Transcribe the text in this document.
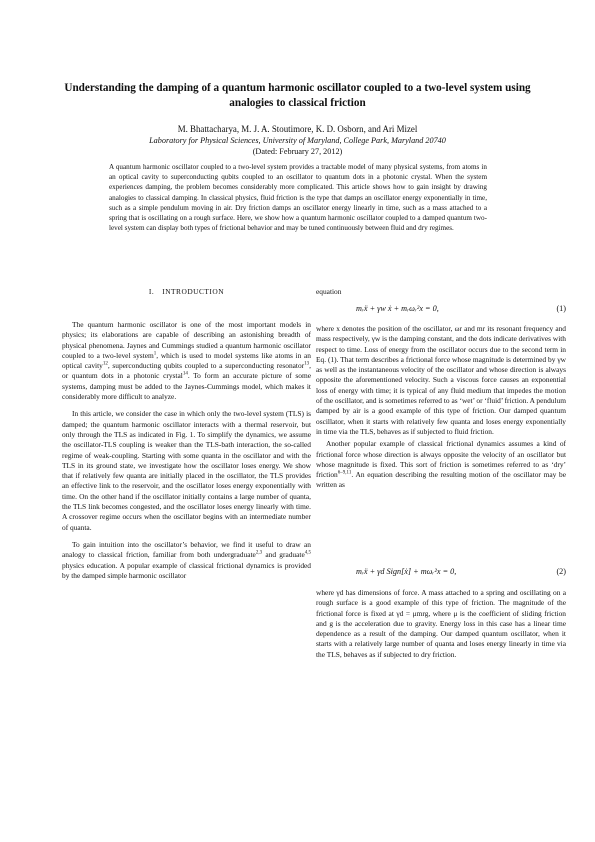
Understanding the damping of a quantum harmonic oscillator coupled to a two-level system using analogies to classical friction
M. Bhattacharya, M. J. A. Stoutimore, K. D. Osborn, and Ari Mizel
Laboratory for Physical Sciences, University of Maryland, College Park, Maryland 20740
(Dated: February 27, 2012)
A quantum harmonic oscillator coupled to a two-level system provides a tractable model of many physical systems, from atoms in an optical cavity to superconducting qubits coupled to an oscillator to quantum dots in a photonic crystal. When the system experiences damping, the problem becomes considerably more complicated. This article shows how to gain insight by drawing analogies to classical damping. In classical physics, fluid friction is the type that damps an oscillator energy exponentially in time, such as a simple pendulum moving in air. Dry friction damps an oscillator energy linearly in time, such as a mass attached to a spring that is oscillating on a rough surface. Here, we show how a quantum harmonic oscillator coupled to a damped quantum two-level system can display both types of frictional behavior and may be tuned continuously between fluid and dry regimes.
I. INTRODUCTION

The quantum harmonic oscillator is one of the most important models in physics; its elaborations are capable of describing an astonishing breadth of physical phenomena. Jaynes and Cummings studied a quantum harmonic oscillator coupled to a two-level system$^1$, which is used to model systems like atoms in an optical cavity$^{12}$, superconducting qubits coupled to a superconducting resonator$^{13}$, or quantum dots in a photonic crystal$^{14}$. To form an accurate picture of some systems, damping must be added to the Jaynes-Cummings model, which makes it considerably more difficult to analyze.

In this article, we consider the case in which only the two-level system (TLS) is damped; the quantum harmonic oscillator interacts with a thermal reservoir, but only through the TLS as indicated in Fig. 1. To simplify the dynamics, we assume the oscillator-TLS coupling is weaker than the TLS-bath interaction, the so-called regime of weak-coupling. Starting with some quanta in the oscillator and with the TLS in its ground state, we investigate how the oscillator loses energy. We show that if relatively few quanta are initially placed in the oscillator, the TLS provides an effective link to the reservoir, and the oscillator loses energy exponentially with time. On the other hand if the oscillator initially contains a large number of quanta, the TLS link becomes congested, and the oscillator loses energy linearly with time. A crossover regime occurs when the oscillator begins with an intermediate number of quanta.

To gain intuition into the oscillator’s behavior, we find it useful to draw an analogy to classical friction, familiar from both undergraduate$^{2,3}$ and graduate$^{4,5}$ physics education. A popular example of classical frictional dynamics is provided by the damped simple harmonic oscillator

equation

mᵣẍ + γw ẋ + mᵣωᵣ²x = 0,	(1)

where x denotes the position of the oscillator, ωr and mr its resonant frequency and mass respectively, γw is the damping constant, and the dots indicate derivatives with respect to time. Loss of energy from the oscillator occurs due to the second term in Eq. (1). That term describes a frictional force whose magnitude is determined by γw as well as the instantaneous velocity of the oscillator and whose direction is always opposite the aforementioned velocity. Such a viscous force causes an exponential loss of energy with time; it is typical of any fluid medium that impedes the motion of the oscillator, and is sometimes referred to as ‘wet’ or ‘fluid’ friction. A pendulum damped by air is a good example of this type of friction. Our damped quantum oscillator, when it starts with relatively few quanta and loses energy exponentially in time via the TLS, behaves as if subjected to fluid friction.

Another popular example of classical frictional dynamics assumes a kind of frictional force whose direction is always opposite the velocity of an oscillator but whose magnitude is fixed. This sort of friction is sometimes referred to as ‘dry’ friction$^{6-9,11}$. An equation describing the resulting motion of the oscillator may be written as

mᵣẍ + γd Sign[ẋ] + mωᵣ²x = 0,	(2)

where γd has dimensions of force. A mass attached to a spring and oscillating on a rough surface is a good example of this type of friction. The magnitude of the frictional force is fixed at γd = μmrg, where μ is the coefficient of sliding friction and g is the acceleration due to gravity. Energy loss in this case has a linear time dependence as a result of the damping. Our damped quantum oscillator, when it starts with a relatively large number of quanta and loses energy linearly in time via the TLS, behaves as if subjected to dry friction.
